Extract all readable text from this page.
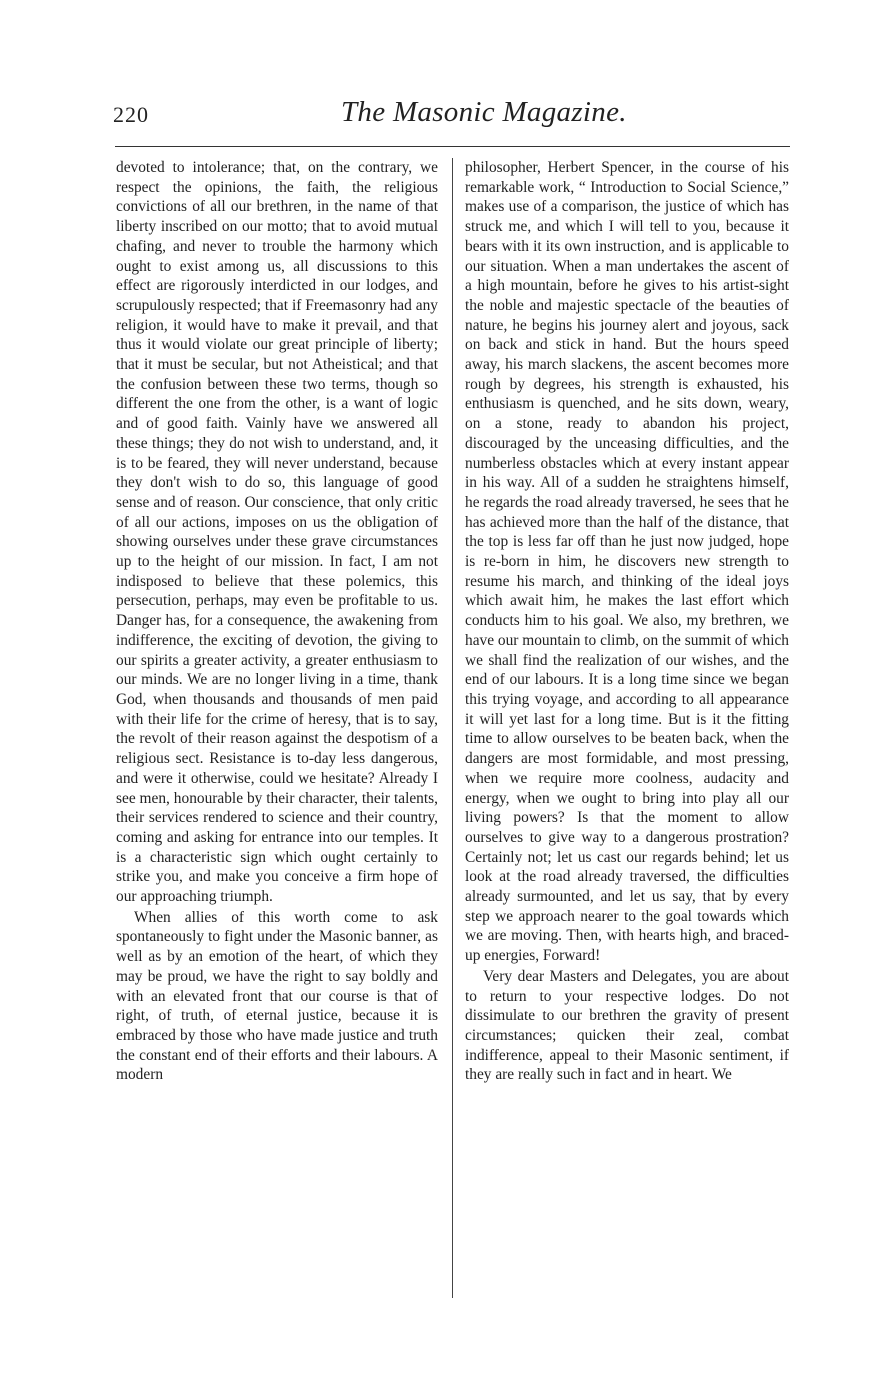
220	The Masonic Magazine.

devoted to intolerance; that, on the contrary, we respect the opinions, the faith, the religious convictions of all our brethren, in the name of that liberty inscribed on our motto; that to avoid mutual chafing, and never to trouble the harmony which ought to exist among us, all discussions to this effect are rigorously interdicted in our lodges, and scrupulously respected; that if Freemasonry had any religion, it would have to make it prevail, and that thus it would violate our great principle of liberty; that it must be secular, but not Atheistical; and that the confusion between these two terms, though so different the one from the other, is a want of logic and of good faith. Vainly have we answered all these things; they do not wish to understand, and, it is to be feared, they will never understand, because they don't wish to do so, this language of good sense and of reason. Our conscience, that only critic of all our actions, imposes on us the obligation of showing ourselves under these grave circumstances up to the height of our mission. In fact, I am not indisposed to believe that these polemics, this persecution, perhaps, may even be profitable to us. Danger has, for a consequence, the awakening from indifference, the exciting of devotion, the giving to our spirits a greater activity, a greater enthusiasm to our minds. We are no longer living in a time, thank God, when thousands and thousands of men paid with their life for the crime of heresy, that is to say, the revolt of their reason against the despotism of a religious sect. Resistance is to-day less dangerous, and were it otherwise, could we hesitate? Already I see men, honourable by their character, their talents, their services rendered to science and their country, coming and asking for entrance into our temples. It is a characteristic sign which ought certainly to strike you, and make you conceive a firm hope of our approaching triumph.

When allies of this worth come to ask spontaneously to fight under the Masonic banner, as well as by an emotion of the heart, of which they may be proud, we have the right to say boldly and with an elevated front that our course is that of right, of truth, of eternal justice, because it is embraced by those who have made justice and truth the constant end of their efforts and their labours. A modern

philosopher, Herbert Spencer, in the course of his remarkable work, “ Introduction to Social Science,” makes use of a comparison, the justice of which has struck me, and which I will tell to you, because it bears with it its own instruction, and is applicable to our situation. When a man undertakes the ascent of a high mountain, before he gives to his artist-sight the noble and majestic spectacle of the beauties of nature, he begins his journey alert and joyous, sack on back and stick in hand. But the hours speed away, his march slackens, the ascent becomes more rough by degrees, his strength is exhausted, his enthusiasm is quenched, and he sits down, weary, on a stone, ready to abandon his project, discouraged by the unceasing difficulties, and the numberless obstacles which at every instant appear in his way. All of a sudden he straightens himself, he regards the road already traversed, he sees that he has achieved more than the half of the distance, that the top is less far off than he just now judged, hope is re-born in him, he discovers new strength to resume his march, and thinking of the ideal joys which await him, he makes the last effort which conducts him to his goal. We also, my brethren, we have our mountain to climb, on the summit of which we shall find the realization of our wishes, and the end of our labours. It is a long time since we began this trying voyage, and according to all appearance it will yet last for a long time. But is it the fitting time to allow ourselves to be beaten back, when the dangers are most formidable, and most pressing, when we require more coolness, audacity and energy, when we ought to bring into play all our living powers? Is that the moment to allow ourselves to give way to a dangerous prostration? Certainly not; let us cast our regards behind; let us look at the road already traversed, the difficulties already surmounted, and let us say, that by every step we approach nearer to the goal towards which we are moving. Then, with hearts high, and braced-up energies, Forward!

Very dear Masters and Delegates, you are about to return to your respective lodges. Do not dissimulate to our brethren the gravity of present circumstances; quicken their zeal, combat indifference, appeal to their Masonic sentiment, if they are really such in fact and in heart. We
